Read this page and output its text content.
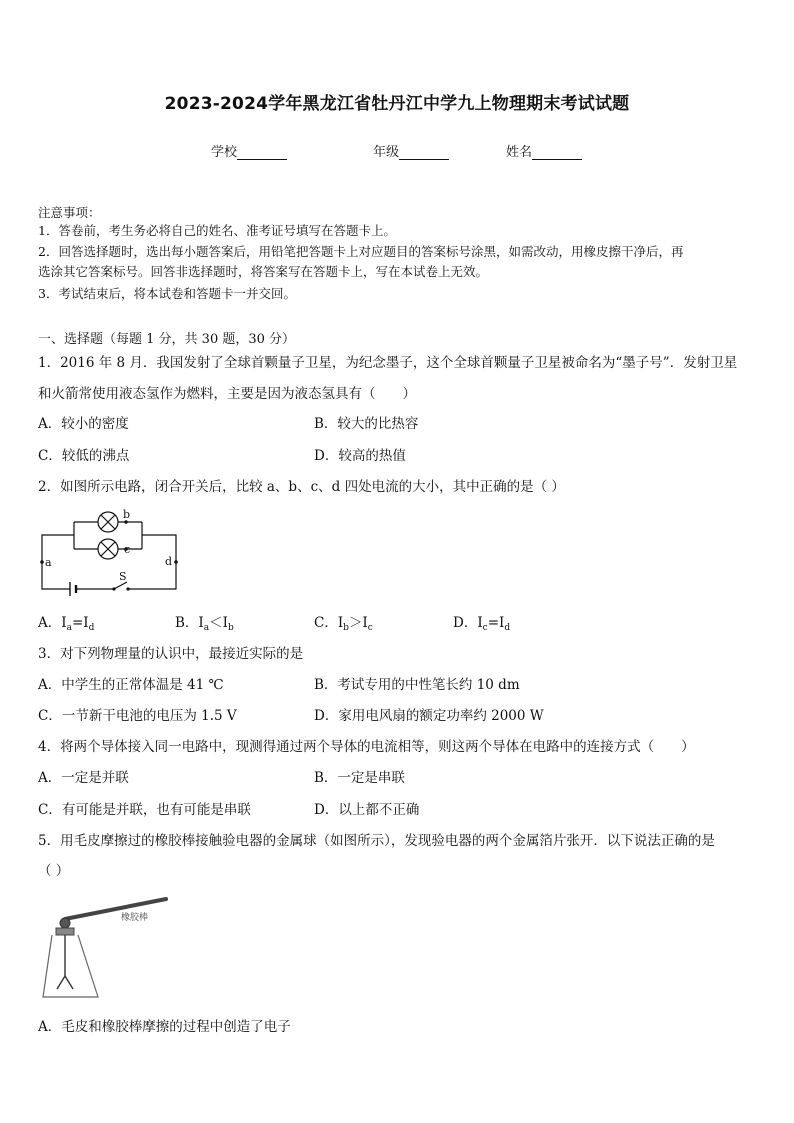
2023-2024学年黑龙江省牡丹江中学九上物理期末考试试题
学校	年级	姓名
注意事项：
1．答卷前，考生务必将自己的姓名、准考证号填写在答题卡上。
2．回答选择题时，选出每小题答案后，用铅笔把答题卡上对应题目的答案标号涂黑，如需改动，用橡皮擦干净后，再
选涂其它答案标号。回答非选择题时，将答案写在答题卡上，写在本试卷上无效。
3．考试结束后，将本试卷和答题卡一并交回。
一、选择题（每题 1 分，共 30 题，30 分）
1．2016 年 8 月．我国发射了全球首颗量子卫星，为纪念墨子，这个全球首颗量子卫星被命名为“墨子号”．发射卫星
和火箭常使用液态氢作为燃料，主要是因为液态氢具有（　　）
A．较小的密度	B．较大的比热容
C．较低的沸点	D．较高的热值
2．如图所示电路，闭合开关后，比较 a、b、c、d 四处电流的大小，其中正确的是（ ）
b
c
a	d
S
A．$I_a=I_d$	B．$I_a<I_b$	C．$I_b>I_c$	D．$I_c=I_d$
3．对下列物理量的认识中，最接近实际的是
A．中学生的正常体温是 41 ℃	B．考试专用的中性笔长约 10 dm
C．一节新干电池的电压为 1.5 V	D．家用电风扇的额定功率约 2000 W
4．将两个导体接入同一电路中，现测得通过两个导体的电流相等，则这两个导体在电路中的连接方式（　　）
A．一定是并联	B．一定是串联
C．有可能是并联，也有可能是串联	D．以上都不正确
5．用毛皮摩擦过的橡胶棒接触验电器的金属球（如图所示），发现验电器的两个金属箔片张开．以下说法正确的是
（ ）
橡胶棒
A．毛皮和橡胶棒摩擦的过程中创造了电子
